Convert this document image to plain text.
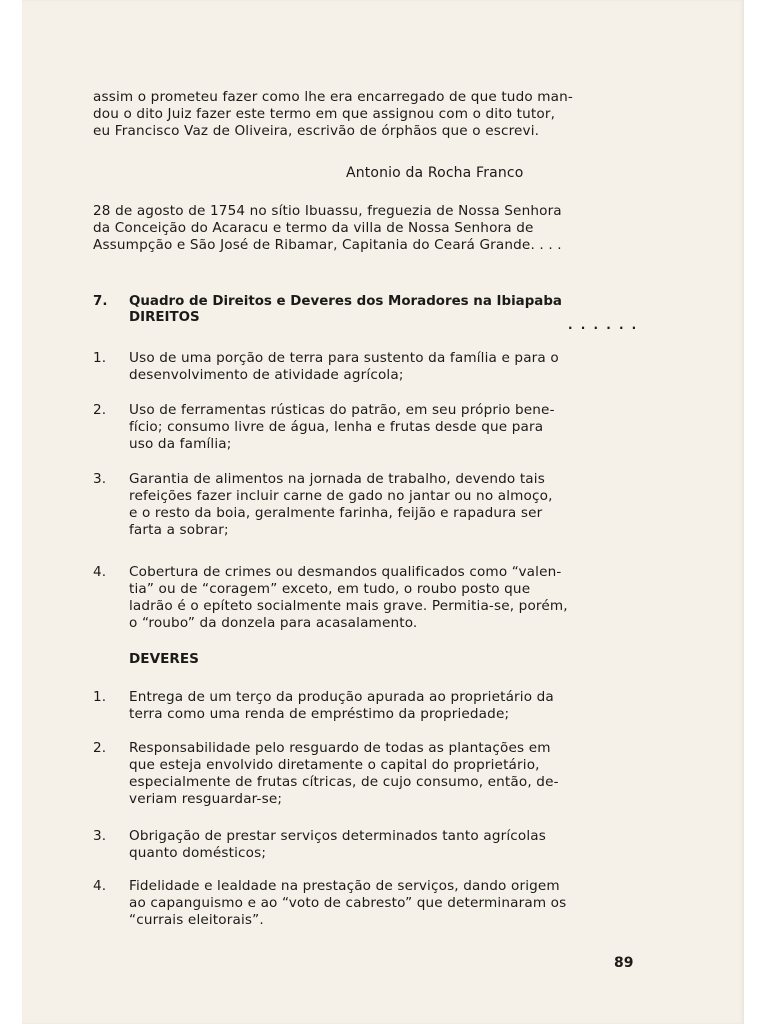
assim o prometeu fazer como lhe era encarregado de que tudo man-
dou o dito Juiz fazer este termo em que assignou com o dito tutor,
eu Francisco Vaz de Oliveira, escrivão de órphãos que o escrevi.
Antonio da Rocha Franco
28 de agosto de 1754 no sítio Ibuassu, freguezia de Nossa Senhora
da Conceição do Acaracu e termo da villa de Nossa Senhora de
Assumpção e São José de Ribamar, Capitania do Ceará Grande. . . .
7. Quadro de Direitos e Deveres dos Moradores na Ibiapaba
DIREITOS	. . . . . .
1.	Uso de uma porção de terra para sustento da família e para o
desenvolvimento de atividade agrícola;
2.	Uso de ferramentas rústicas do patrão, em seu próprio bene-
fício; consumo livre de água, lenha e frutas desde que para
uso da família;
3.	Garantia de alimentos na jornada de trabalho, devendo tais
refeições fazer incluir carne de gado no jantar ou no almoço,
e o resto da boia, geralmente farinha, feijão e rapadura ser
farta a sobrar;
4.	Cobertura de crimes ou desmandos qualificados como “valen-
tia” ou de “coragem” exceto, em tudo, o roubo posto que
ladrão é o epíteto socialmente mais grave. Permitia-se, porém,
o “roubo” da donzela para acasalamento.
DEVERES
1.	Entrega de um terço da produção apurada ao proprietário da
terra como uma renda de empréstimo da propriedade;
2.	Responsabilidade pelo resguardo de todas as plantações em
que esteja envolvido diretamente o capital do proprietário,
especialmente de frutas cítricas, de cujo consumo, então, de-
veriam resguardar-se;
3.	Obrigação de prestar serviços determinados tanto agrícolas
quanto domésticos;
4.	Fidelidade e lealdade na prestação de serviços, dando origem
ao capanguismo e ao “voto de cabresto” que determinaram os
“currais eleitorais”.
89
